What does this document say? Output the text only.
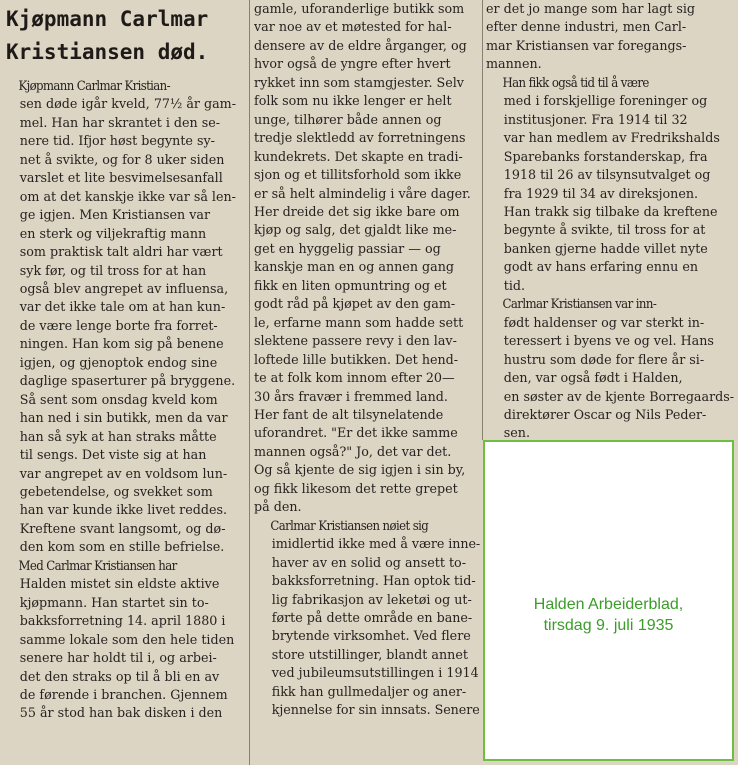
Kjøpmann Carlmar
Kristiansen død.

Kjøpmann Carlmar Kristian-
sen døde igår kveld, 77½ år gam-
mel. Han har skrantet i den se-
nere tid. Ifjor høst begynte sy-
net å svikte, og for 8 uker siden
varslet et lite besvimelsesanfall
om at det kanskje ikke var så len-
ge igjen. Men Kristiansen var
en sterk og viljekraftig mann
som praktisk talt aldri har vært
syk før, og til tross for at han
også blev angrepet av influensa,
var det ikke tale om at han kun-
de være lenge borte fra forret-
ningen. Han kom sig på benene
igjen, og gjenoptok endog sine
daglige spaserturer på bryggene.
Så sent som onsdag kveld kom
han ned i sin butikk, men da var
han så syk at han straks måtte
til sengs. Det viste sig at han
var angrepet av en voldsom lun-
gebetendelse, og svekket som
han var kunde ikke livet reddes.
Kreftene svant langsomt, og dø-
den kom som en stille befrielse.

Med Carlmar Kristiansen har
Halden mistet sin eldste aktive
kjøpmann. Han startet sin to-
bakksforretning 14. april 1880 i
samme lokale som den hele tiden
senere har holdt til i, og arbei-
det den straks op til å bli en av
de førende i branchen. Gjennem
55 år stod han bak disken i den

gamle, uforanderlige butikk som
var noe av et møtested for hal-
densere av de eldre årganger, og
hvor også de yngre efter hvert
rykket inn som stamgjester. Selv
folk som nu ikke lenger er helt
unge, tilhører både annen og
tredje slektledd av forretningens
kundekrets. Det skapte en tradi-
sjon og et tillitsforhold som ikke
er så helt almindelig i våre dager.
Her dreide det sig ikke bare om
kjøp og salg, det gjaldt like me-
get en hyggelig passiar — og
kanskje man en og annen gang
fikk en liten opmuntring og et
godt råd på kjøpet av den gam-
le, erfarne mann som hadde sett
slektene passere revy i den lav-
loftede lille butikken. Det hend-
te at folk kom innom efter 20—
30 års fravær i fremmed land.
Her fant de alt tilsynelatende
uforandret. "Er det ikke samme
mannen også?" Jo, det var det.
Og så kjente de sig igjen i sin by,
og fikk likesom det rette grepet
på den.

Carlmar Kristiansen nøiet sig
imidlertid ikke med å være inne-
haver av en solid og ansett to-
bakksforretning. Han optok tid-
lig fabrikasjon av leketøi og ut-
førte på dette område en bane-
brytende virksomhet. Ved flere
store utstillinger, blandt annet
ved jubileumsutstillingen i 1914
fikk han gullmedaljer og aner-
kjennelse for sin innsats. Senere

er det jo mange som har lagt sig
efter denne industri, men Carl-
mar Kristiansen var foregangs-
mannen.

Han fikk også tid til å være
med i forskjellige foreninger og
institusjoner. Fra 1914 til 32
var han medlem av Fredrikshalds
Sparebanks forstanderskap, fra
1918 til 26 av tilsynsutvalget og
fra 1929 til 34 av direksjonen.
Han trakk sig tilbake da kreftene
begynte å svikte, til tross for at
banken gjerne hadde villet nyte
godt av hans erfaring ennu en
tid.

Carlmar Kristiansen var inn-
født haldenser og var sterkt in-
teressert i byens ve og vel. Hans
hustru som døde for flere år si-
den, var også født i Halden,
en søster av de kjente Borregaards-
direktører Oscar og Nils Peder-
sen.

Halden Arbeiderblad,
tirsdag 9. juli 1935
